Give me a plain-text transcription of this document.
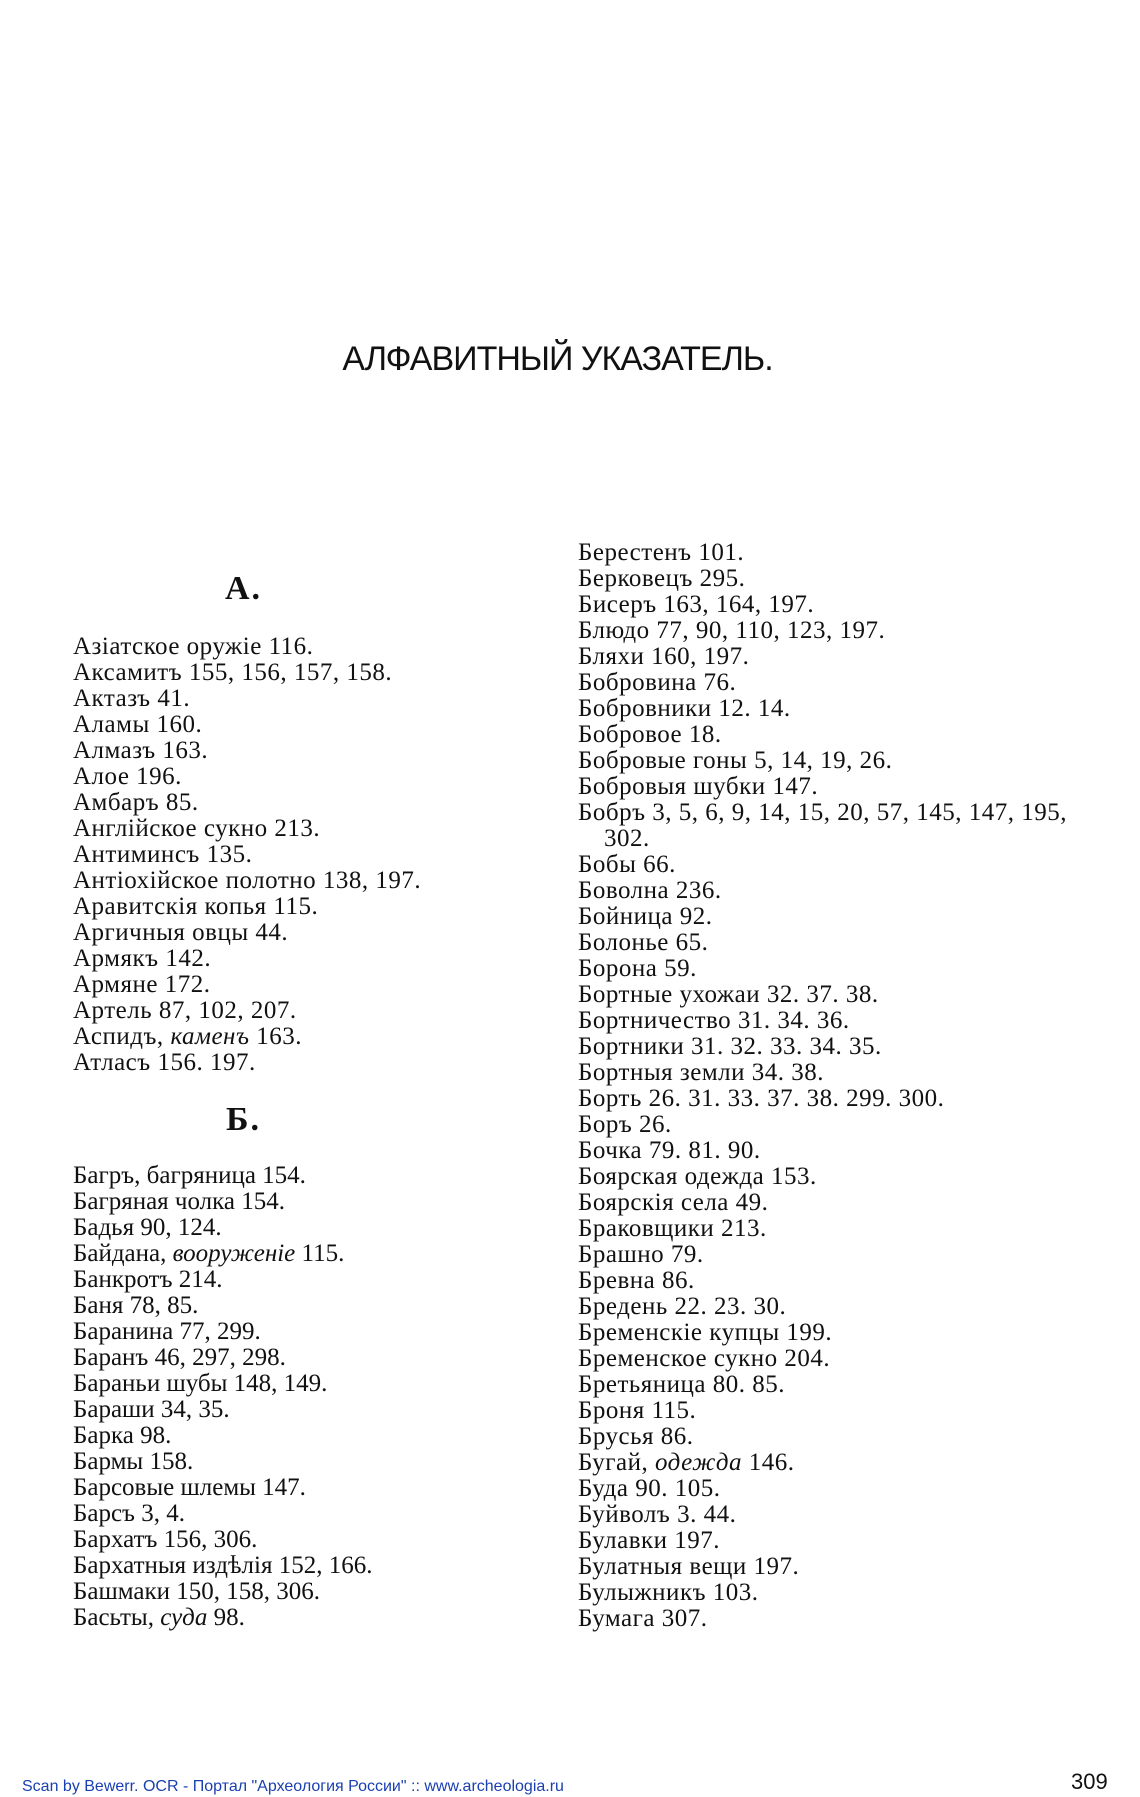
АЛФАВИТНЫЙ УКАЗАТЕЛЬ.
А.
Азіатское оружіе 116.
Аксамитъ 155, 156, 157, 158.
Актазъ 41.
Аламы 160.
Алмазъ 163.
Алое 196.
Амбаръ 85.
Англійское сукно 213.
Антиминсъ 135.
Антіохійское полотно 138, 197.
Аравитскія копья 115.
Аргичныя овцы 44.
Армякъ 142.
Армяне 172.
Артель 87, 102, 207.
Аспидъ, каменъ 163.
Атласъ 156. 197.
Б.
Багръ, багряница 154.
Багряная чолка 154.
Бадья 90, 124.
Байдана, вооруженіе 115.
Банкротъ 214.
Баня 78, 85.
Баранина 77, 299.
Баранъ 46, 297, 298.
Бараньи шубы 148, 149.
Бараши 34, 35.
Барка 98.
Бармы 158.
Барсовые шлемы 147.
Барсъ 3, 4.
Бархатъ 156, 306.
Бархатныя издѣлія 152, 166.
Башмаки 150, 158, 306.
Басьты, суда 98.
Берестенъ 101.
Берковецъ 295.
Бисеръ 163, 164, 197.
Блюдо 77, 90, 110, 123, 197.
Бляхи 160, 197.
Бобровина 76.
Бобровники 12. 14.
Бобровое 18.
Бобровые гоны 5, 14, 19, 26.
Бобровыя шубки 147.
Бобръ 3, 5, 6, 9, 14, 15, 20, 57, 145, 147, 195, 302.
Бобы 66.
Боволна 236.
Бойница 92.
Болонье 65.
Борона 59.
Бортные ухожаи 32. 37. 38.
Бортничество 31. 34. 36.
Бортники 31. 32. 33. 34. 35.
Бортныя земли 34. 38.
Борть 26. 31. 33. 37. 38. 299. 300.
Боръ 26.
Бочка 79. 81. 90.
Боярская одежда 153.
Боярскія села 49.
Браковщики 213.
Брашно 79.
Бревна 86.
Бредень 22. 23. 30.
Бременскіе купцы 199.
Бременское сукно 204.
Бретьяница 80. 85.
Броня 115.
Брусья 86.
Бугай, одежда 146.
Буда 90. 105.
Буйволъ 3. 44.
Булавки 197.
Булатныя вещи 197.
Булыжникъ 103.
Бумага 307.
Scan by Bewerr. OCR - Портал "Археология России" :: www.archeologia.ru	309
